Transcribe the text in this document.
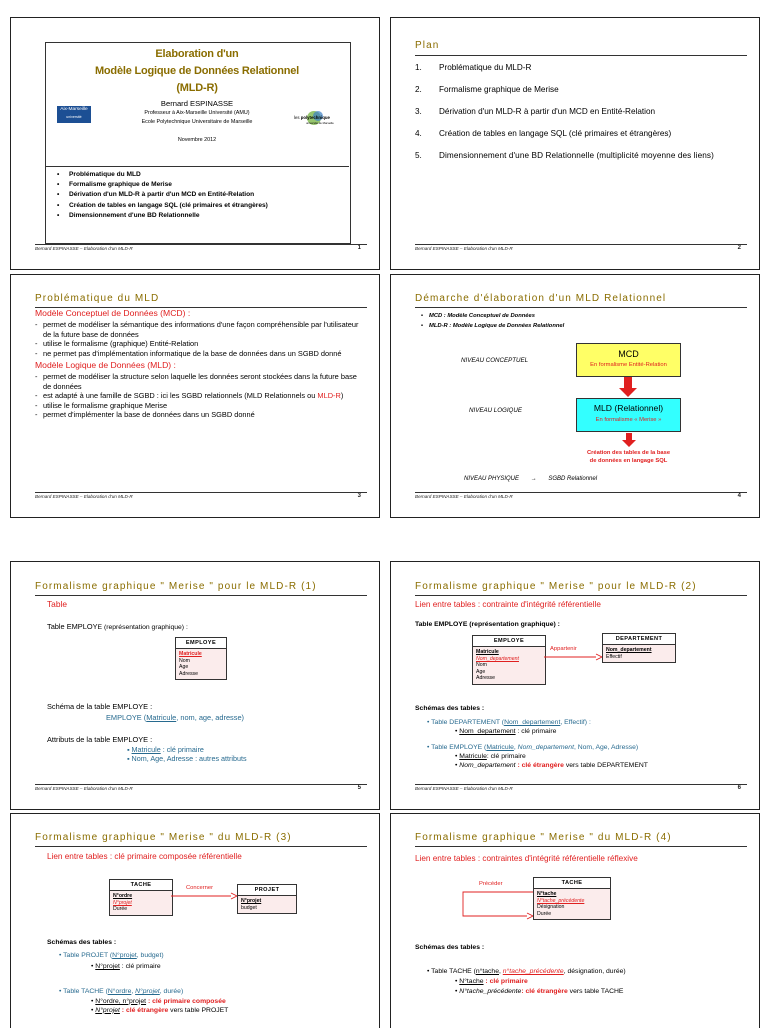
Elaboration d'un
Modèle Logique de Données Relationnel
(MLD-R)
Bernard ESPINASSE
Professeur à Aix-Marseille Université (AMU)
Ecole Polytechnique Universitaire de Marseille
Novembre 2012
Aix-Marseille
université	les polytechnique
université de Marseille
• Problématique du MLD
• Formalisme graphique de Merise
• Dérivation d'un MLD-R à partir d'un MCD en Entité-Relation
• Création de tables en langage SQL (clé primaires et étrangères)
• Dimensionnement d'une BD Relationnelle
Bernard ESPINASSE – Elaboration d'un MLD-R	1
Plan
1.	Problématique du MLD-R
2.	Formalisme graphique de Merise
3.	Dérivation d'un MLD-R à partir d'un MCD en Entité-Relation
4.	Création de tables en langage SQL (clé primaires et étrangères)
5.	Dimensionnement d'une BD Relationnelle (multiplicité moyenne des liens)
Bernard ESPINASSE – Elaboration d'un MLD-R	2
Problématique du MLD
Modèle Conceptuel de Données (MCD) :
- permet de modéliser la sémantique des informations d'une façon compréhensible par l'utilisateur de la future base de données
- utilise le formalisme (graphique) Entité-Relation
- ne permet pas d'implémentation informatique de la base de données dans un SGBD donné
Modèle Logique de Données (MLD) :
- permet de modéliser la structure selon laquelle les données seront stockées dans la future base de données
- est adapté à une famille de SGBD : ici les SGBD relationnels (MLD Relationnels ou MLD-R)
- utilise le formalisme graphique Merise
- permet d'implémenter la base de données dans un SGBD donné
Bernard ESPINASSE – Elaboration d'un MLD-R	3
Démarche d'élaboration d'un MLD Relationnel
• MCD : Modèle Conceptuel de Données
• MLD-R : Modèle Logique de Données Relationnel
NIVEAU CONCEPTUEL
MCD
En formalisme Entité-Relation
NIVEAU LOGIQUE	MLD (Relationnel)
En formalisme « Merise »
Création des tables de la base
de données en langage SQL
NIVEAU PHYSIQUE → SGBD Relationnel
Bernard ESPINASSE – Elaboration d'un MLD-R	4
Formalisme graphique " Merise " pour le MLD-R (1)
Table
Table EMPLOYE (représentation graphique) :
EMPLOYE
Matricule
Nom
Age
Adresse
Schéma de la table EMPLOYE :
EMPLOYE (Matricule, nom, age, adresse)
Attributs de la table EMPLOYE :
▪ Matricule : clé primaire
▪ Nom, Age, Adresse : autres attributs
Bernard ESPINASSE – Elaboration d'un MLD-R	5
Formalisme graphique " Merise " pour le MLD-R (2)
Lien entre tables : contrainte d'intégrité référentielle
Table EMPLOYE (représentation graphique) :
EMPLOYE
Matricule
Nom_departement
Nom
Age
Adresse
Appartenir
DEPARTEMENT
Nom_departement
Effectif
Schémas des tables :
• Table DEPARTEMENT (Nom_departement, Effectif) :
• Nom_departement : clé primaire
• Table EMPLOYE (Matricule, Nom_departement, Nom, Age, Adresse)
• Matricule: clé primaire
• Nom_departement : clé étrangère vers table DEPARTEMENT
Bernard ESPINASSE – Elaboration d'un MLD-R	6
Formalisme graphique " Merise " du MLD-R (3)
Lien entre tables : clé primaire composée référentielle
TACHE
N°ordre
N°projet
Durée
Concerner	PROJET
N°projet
budget
Schémas des tables :
• Table PROJET (N°projet, budget)
• N°projet : clé primaire
• Table TACHE (N°ordre, N°projet, durée)
• N°ordre, n°projet : clé primaire composée
• N°projet : clé étrangère vers table PROJET
Formalisme graphique " Merise " du MLD-R (4)
Lien entre tables : contraintes d'intégrité référentielle réflexive
Précéder	TACHE
N°tache
N°tache_précédente
Désignation
Durée
Schémas des tables :
• Table TACHE (n°tache, n°tache_précédente, désignation, durée)
• N°tache : clé primaire
• N°tache_précédente: clé étrangère vers table TACHE
